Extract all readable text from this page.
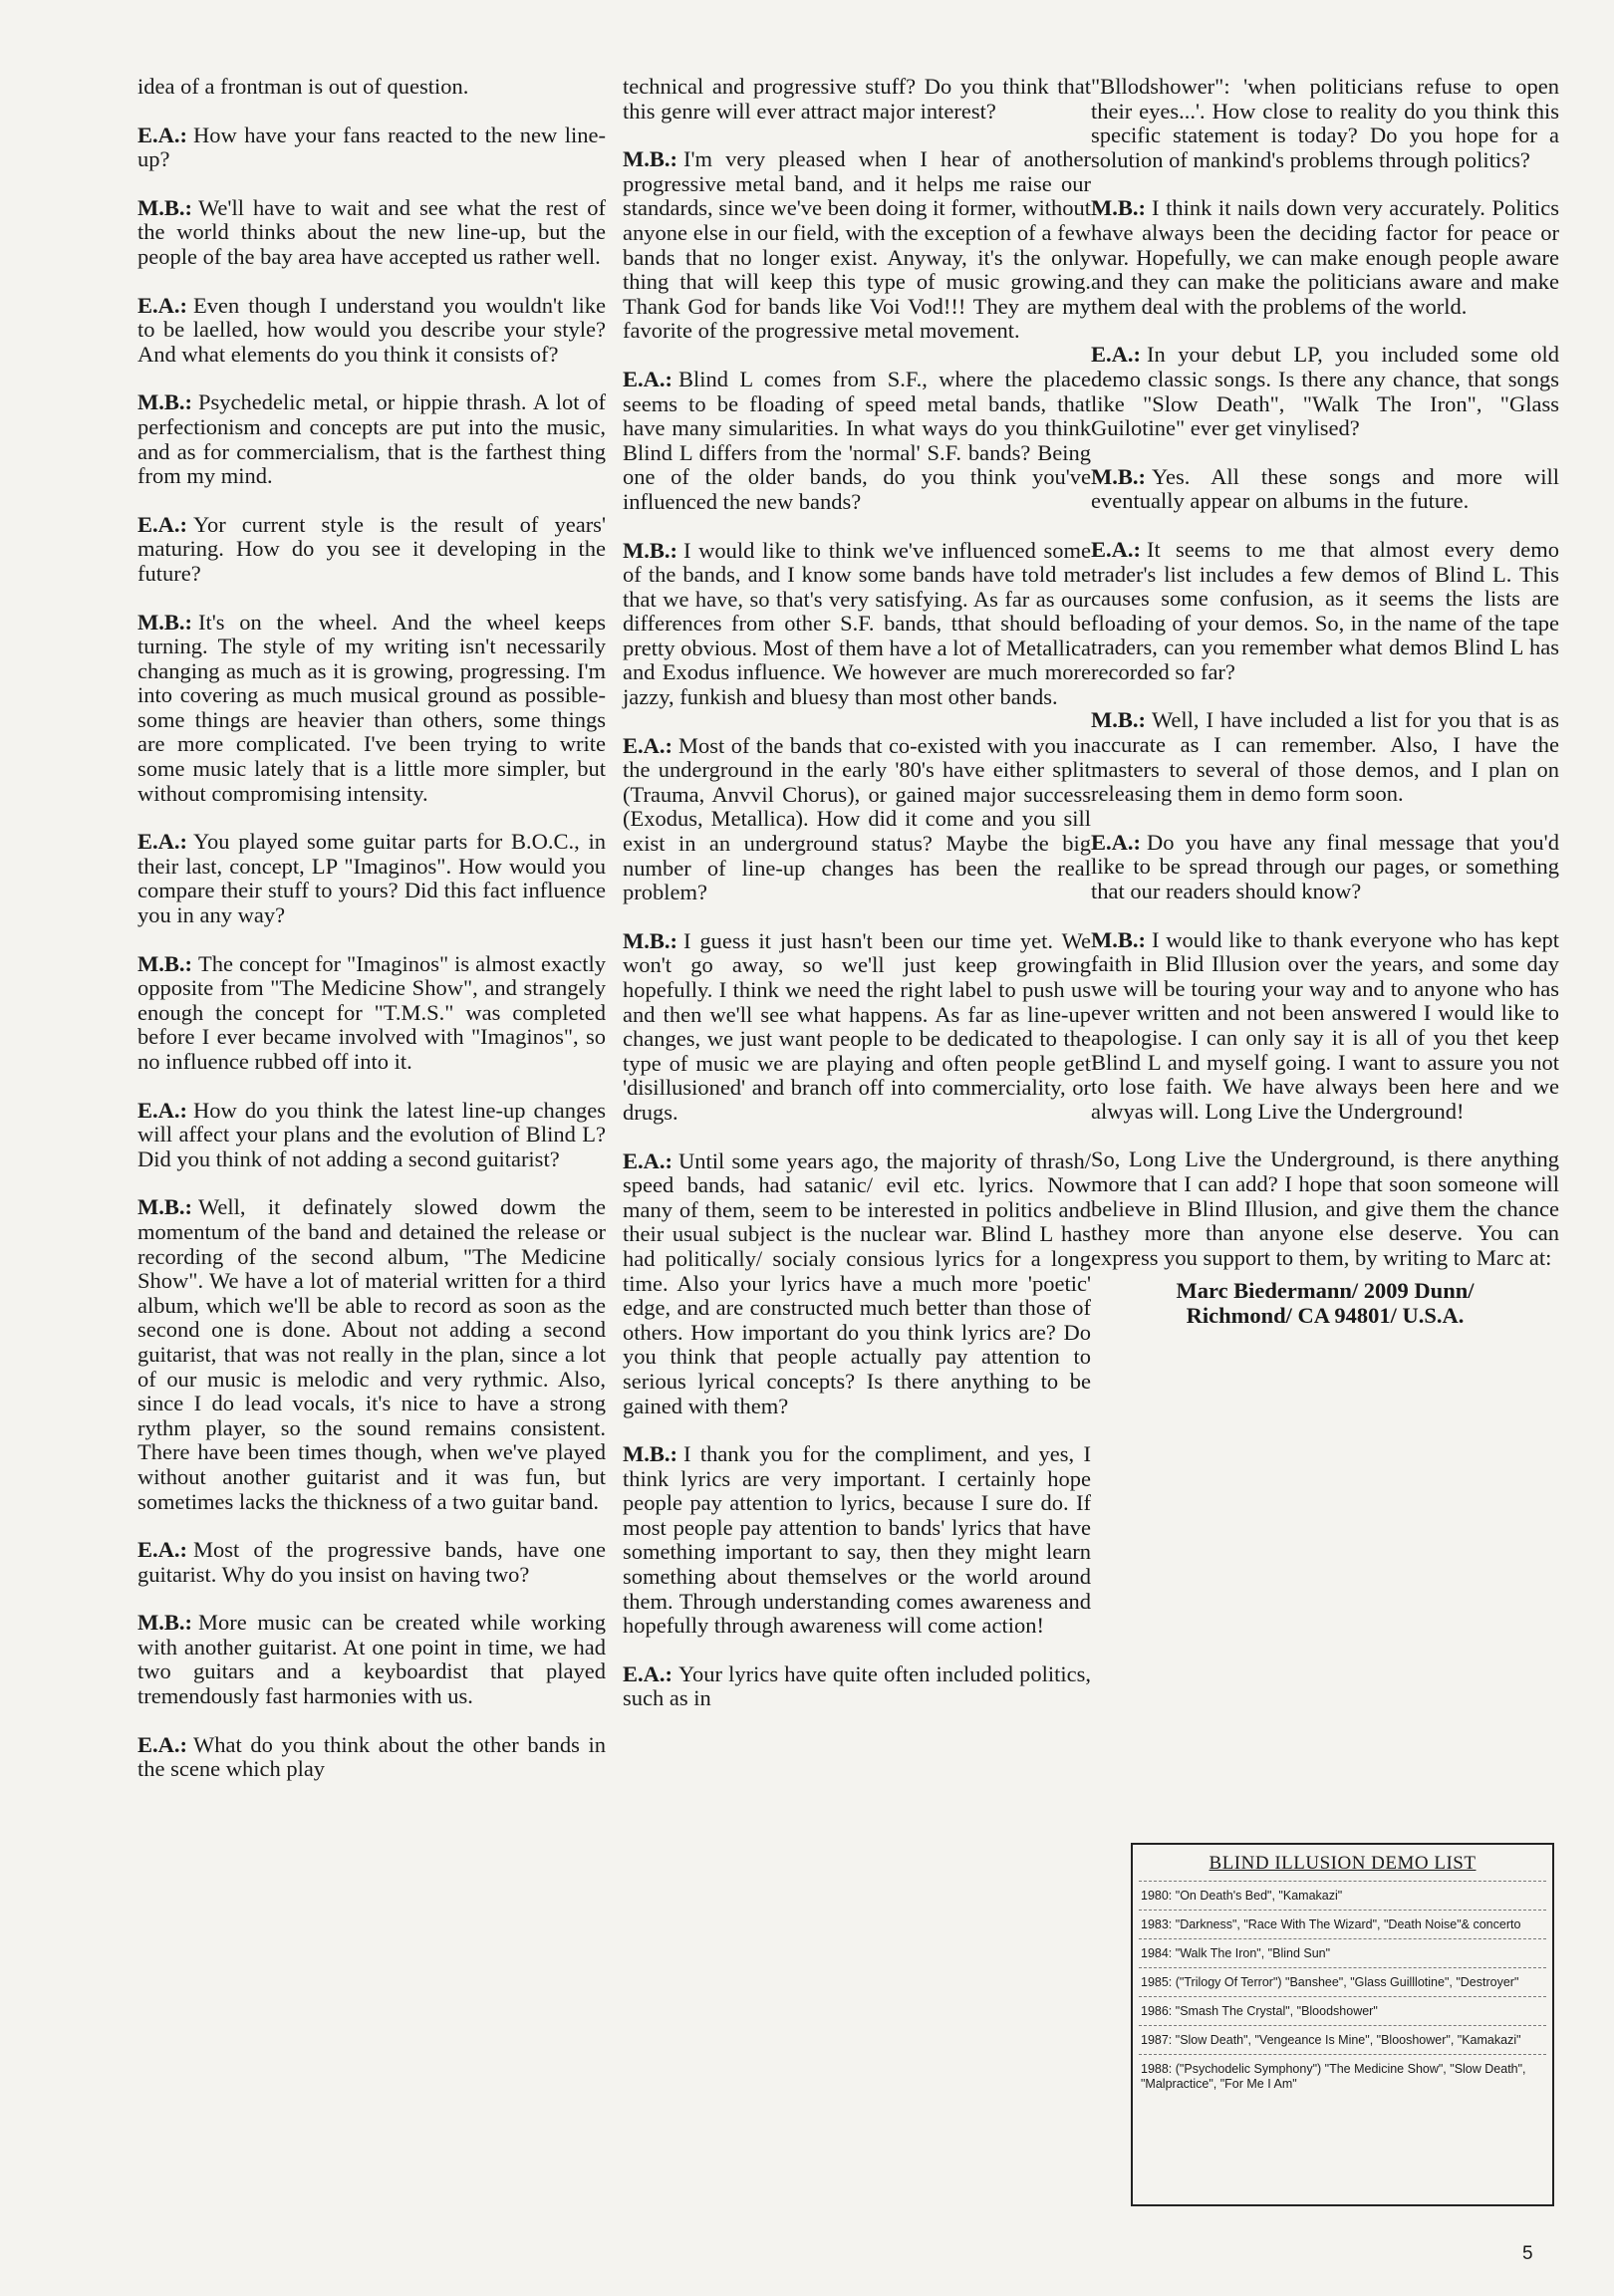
idea of a frontman is out of question.

E.A.: How have your fans reacted to the new line-up?

M.B.: We'll have to wait and see what the rest of the world thinks about the new line-up, but the people of the bay area have accepted us rather well.

E.A.: Even though I understand you wouldn't like to be laelled, how would you describe your style? And what elements do you think it consists of?

M.B.: Psychedelic metal, or hippie thrash. A lot of perfectionism and concepts are put into the music, and as for commercialism, that is the farthest thing from my mind.

E.A.: Yor current style is the result of years' maturing. How do you see it developing in the future?

M.B.: It's on the wheel. And the wheel keeps turning. The style of my writing isn't necessarily changing as much as it is growing, progressing. I'm into covering as much musical ground as possible- some things are heavier than others, some things are more complicated. I've been trying to write some music lately that is a little more simpler, but without compromising intensity.

E.A.: You played some guitar parts for B.O.C., in their last, concept, LP "Imaginos". How would you compare their stuff to yours? Did this fact influence you in any way?

M.B.: The concept for "Imaginos" is almost exactly opposite from "The Medicine Show", and strangely enough the concept for "T.M.S." was completed before I ever became involved with "Imaginos", so no influence rubbed off into it.

E.A.: How do you think the latest line-up changes will affect your plans and the evolution of Blind L? Did you think of not adding a second guitarist?

M.B.: Well, it definately slowed dowm the momentum of the band and detained the release or recording of the second album, "The Medicine Show". We have a lot of material written for a third album, which we'll be able to record as soon as the second one is done. About not adding a second guitarist, that was not really in the plan, since a lot of our music is melodic and very rythmic. Also, since I do lead vocals, it's nice to have a strong rythm player, so the sound remains consistent. There have been times though, when we've played without another guitarist and it was fun, but sometimes lacks the thickness of a two guitar band.

E.A.: Most of the progressive bands, have one guitarist. Why do you insist on having two?

M.B.: More music can be created while working with another guitarist. At one point in time, we had two guitars and a keyboardist that played tremendously fast harmonies with us.

E.A.: What do you think about the other bands in the scene which play

technical and progressive stuff? Do you think that this genre will ever attract major interest?

M.B.: I'm very pleased when I hear of another progressive metal band, and it helps me raise our standards, since we've been doing it former, without anyone else in our field, with the exception of a few bands that no longer exist. Anyway, it's the only thing that will keep this type of music growing. Thank God for bands like Voi Vod!!! They are my favorite of the progressive metal movement.

E.A.: Blind L comes from S.F., where the place seems to be floading of speed metal bands, that have many simularities. In what ways do you think Blind L differs from the 'normal' S.F. bands? Being one of the older bands, do you think you've influenced the new bands?

M.B.: I would like to think we've influenced some of the bands, and I know some bands have told me that we have, so that's very satisfying. As far as our differences from other S.F. bands, tthat should be pretty obvious. Most of them have a lot of Metallica and Exodus influence. We however are much more jazzy, funkish and bluesy than most other bands.

E.A.: Most of the bands that co-existed with you in the underground in the early '80's have either split (Trauma, Anvvil Chorus), or gained major success (Exodus, Metallica). How did it come and you sill exist in an underground status? Maybe the big number of line-up changes has been the real problem?

M.B.: I guess it just hasn't been our time yet. We won't go away, so we'll just keep growing hopefully. I think we need the right label to push us and then we'll see what happens. As far as line-up changes, we just want people to be dedicated to the type of music we are playing and often people get 'disillusioned' and branch off into commerciality, or drugs.

E.A.: Until some years ago, the majority of thrash/ speed bands, had satanic/ evil etc. lyrics. Now many of them, seem to be interested in politics and their usual subject is the nuclear war. Blind L has had politically/ socialy consious lyrics for a long time. Also your lyrics have a much more 'poetic' edge, and are constructed much better than those of others. How important do you think lyrics are? Do you think that people actually pay attention to serious lyrical concepts? Is there anything to be gained with them?

M.B.: I thank you for the compliment, and yes, I think lyrics are very important. I certainly hope people pay attention to lyrics, because I sure do. If most people pay attention to bands' lyrics that have something important to say, then they might learn something about themselves or the world around them. Through understanding comes awareness and hopefully through awareness will come action!

E.A.: Your lyrics have quite often included politics, such as in

"Bllodshower": 'when politicians refuse to open their eyes...'. How close to reality do you think this specific statement is today? Do you hope for a solution of mankind's problems through politics?

M.B.: I think it nails down very accurately. Politics have always been the deciding factor for peace or war. Hopefully, we can make enough people aware and they can make the politicians aware and make them deal with the problems of the world.

E.A.: In your debut LP, you included some old demo classic songs. Is there any chance, that songs like "Slow Death", "Walk The Iron", "Glass Guilotine" ever get vinylised?

M.B.: Yes. All these songs and more will eventually appear on albums in the future.

E.A.: It seems to me that almost every demo trader's list includes a few demos of Blind L. This causes some confusion, as it seems the lists are floading of your demos. So, in the name of the tape traders, can you remember what demos Blind L has recorded so far?

M.B.: Well, I have included a list for you that is as accurate as I can remember. Also, I have the masters to several of those demos, and I plan on releasing them in demo form soon.

E.A.: Do you have any final message that you'd like to be spread through our pages, or something that our readers should know?

M.B.: I would like to thank everyone who has kept faith in Blid Illusion over the years, and some day we will be touring your way and to anyone who has ever written and not been answered I would like to apologise. I can only say it is all of you thet keep Blind L and myself going. I want to assure you not to lose faith. We have always been here and we alwyas will. Long Live the Underground!

So, Long Live the Underground, is there anything more that I can add? I hope that soon someone will believe in Blind Illusion, and give them the chance they more than anyone else deserve. You can express you support to them, by writing to Marc at:

Marc Biedermann/ 2009 Dunn/
Richmond/ CA 94801/ U.S.A.
BLIND ILLUSION DEMO LIST
1980: "On Death's Bed", "Kamakazi"
1983: "Darkness", "Race With The Wizard", "Death Noise"& concerto
1984: "Walk The Iron", "Blind Sun"
1985: ("Trilogy Of Terror") "Banshee", "Glass Guilllotine", "Destroyer"
1986: "Smash The Crystal", "Bloodshower"
1987: "Slow Death", "Vengeance Is Mine", "Blooshower", "Kamakazi"
1988: ("Psychodelic Symphony") "The Medicine Show", "Slow Death", "Malpractice", "For Me I Am"
5
